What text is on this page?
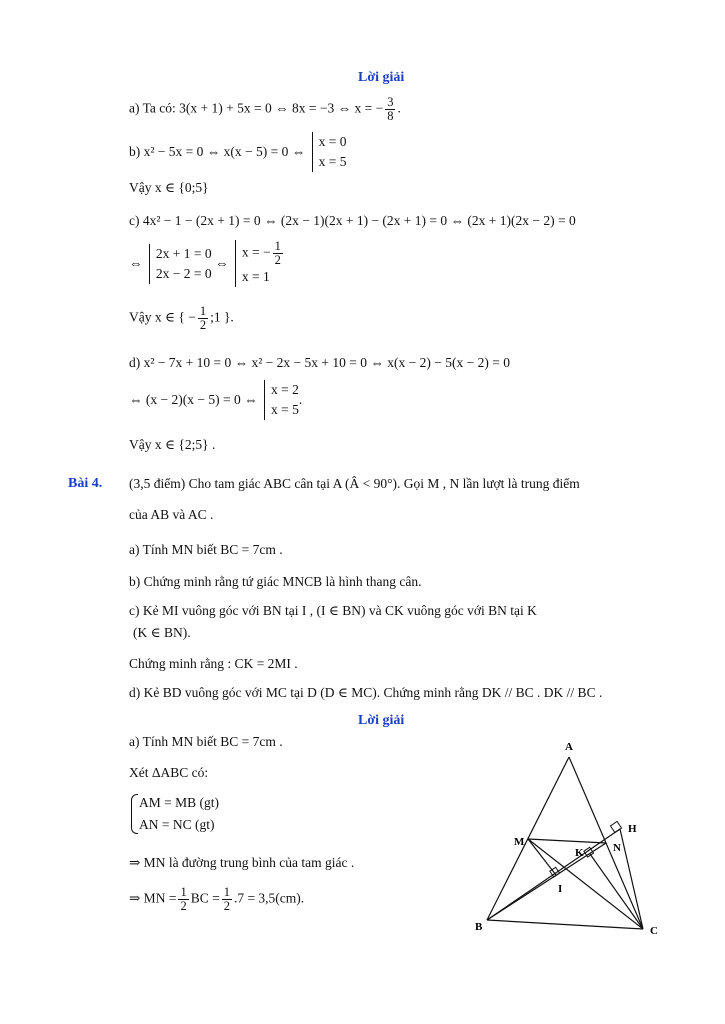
Lời giải
a) Ta có: 3(x + 1) + 5x = 0 ⇔ 8x = −3 ⇔ x = − $\frac{3}{8}$ .
b) x² − 5x = 0 ⇔ x(x − 5) = 0 ⇔
x = 0
x = 5
Vậy x ∈ {0;5}
c) 4x² − 1 − (2x + 1) = 0 ⇔ (2x − 1)(2x + 1) − (2x + 1) = 0 ⇔ (2x + 1)(2x − 2) = 0
⇔
2x + 1 = 0
2x − 2 = 0
⇔
x = − $\frac{1}{2}$
x = 1
Vậy x ∈ { − $\frac{1}{2}$ ;1 }.
d) x² − 7x + 10 = 0 ⇔ x² − 2x − 5x + 10 = 0 ⇔ x(x − 2) − 5(x − 2) = 0
⇔ (x − 2)(x − 5) = 0 ⇔
x = 2
x = 5
.
Vậy x ∈ {2;5} .
Bài 4. (3,5 điểm) Cho tam giác ABC cân tại A (Â < 90°). Gọi M , N lần lượt là trung điểm
của AB và AC .
a) Tính MN biết BC = 7cm .
b) Chứng minh rằng tứ giác MNCB là hình thang cân.
c) Kẻ MI vuông góc với BN tại I , (I ∈ BN) và CK vuông góc với BN tại K
(K ∈ BN).
Chứng minh rằng : CK = 2MI .
d) Kẻ BD vuông góc với MC tại D (D ∈ MC). Chứng minh rằng DK // BC . DK // BC .
Lời giải
a) Tính MN biết BC = 7cm .
Xét ΔABC có:
AM = MB (gt)
AN = NC (gt)
⇒ MN là đường trung bình của tam giác .
⇒ MN = $\frac{1}{2}$ BC = $\frac{1}{2} .7 = 3,5(cm)$.
A
B	C
M	N
H
K
I
